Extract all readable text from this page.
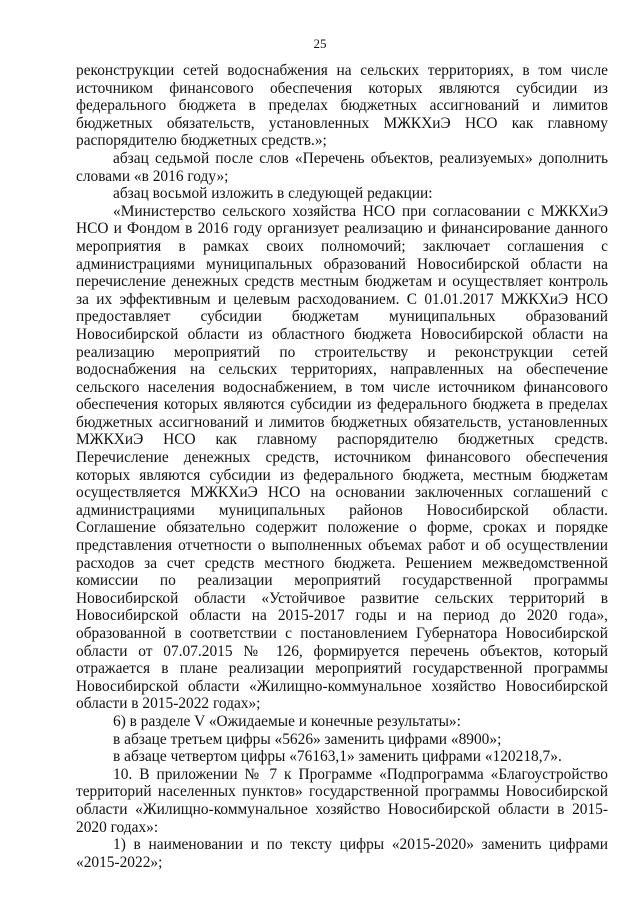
25

реконструкции сетей водоснабжения на сельских территориях, в том числе источником финансового обеспечения которых являются субсидии из федерального бюджета в пределах бюджетных ассигнований и лимитов бюджетных обязательств, установленных МЖКХиЭ НСО как главному распорядителю бюджетных средств.»;

абзац седьмой после слов «Перечень объектов, реализуемых» дополнить словами «в 2016 году»;

абзац восьмой изложить в следующей редакции:

«Министерство сельского хозяйства НСО при согласовании с МЖКХиЭ НСО и Фондом в 2016 году организует реализацию и финансирование данного мероприятия в рамках своих полномочий; заключает соглашения с администрациями муниципальных образований Новосибирской области на перечисление денежных средств местным бюджетам и осуществляет контроль за их эффективным и целевым расходованием. С 01.01.2017 МЖКХиЭ НСО предоставляет субсидии бюджетам муниципальных образований Новосибирской области из областного бюджета Новосибирской области на реализацию мероприятий по строительству и реконструкции сетей водоснабжения на сельских территориях, направленных на обеспечение сельского населения водоснабжением, в том числе источником финансового обеспечения которых являются субсидии из федерального бюджета в пределах бюджетных ассигнований и лимитов бюджетных обязательств, установленных МЖКХиЭ НСО как главному распорядителю бюджетных средств. Перечисление денежных средств, источником финансового обеспечения которых являются субсидии из федерального бюджета, местным бюджетам осуществляется МЖКХиЭ НСО на основании заключенных соглашений с администрациями муниципальных районов Новосибирской области. Соглашение обязательно содержит положение о форме, сроках и порядке представления отчетности о выполненных объемах работ и об осуществлении расходов за счет средств местного бюджета. Решением межведомственной комиссии по реализации мероприятий государственной программы Новосибирской области «Устойчивое развитие сельских территорий в Новосибирской области на 2015-2017 годы и на период до 2020 года», образованной в соответствии с постановлением Губернатора Новосибирской области от 07.07.2015 № 126, формируется перечень объектов, который отражается в плане реализации мероприятий государственной программы Новосибирской области «Жилищно-коммунальное хозяйство Новосибирской области в 2015-2022 годах»;

6) в разделе V «Ожидаемые и конечные результаты»:

в абзаце третьем цифры «5626» заменить цифрами «8900»;

в абзаце четвертом цифры «76163,1» заменить цифрами «120218,7».

10. В приложении № 7 к Программе «Подпрограмма «Благоустройство территорий населенных пунктов» государственной программы Новосибирской области «Жилищно-коммунальное хозяйство Новосибирской области в 2015-2020 годах»:

1) в наименовании и по тексту цифры «2015-2020» заменить цифрами «2015-2022»;
